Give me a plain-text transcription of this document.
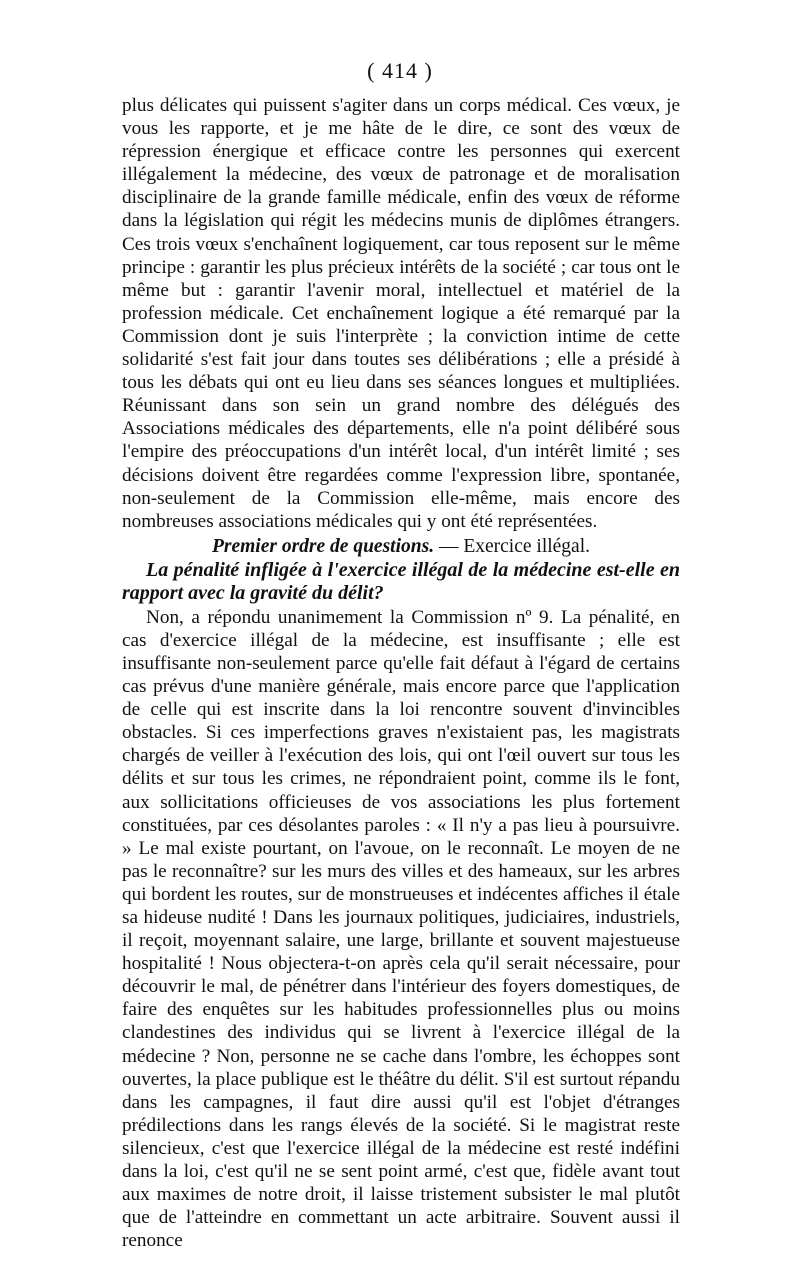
( 414 )

plus délicates qui puissent s'agiter dans un corps médical. Ces vœux, je vous les rapporte, et je me hâte de le dire, ce sont des vœux de répression énergique et efficace contre les personnes qui exercent illégalement la médecine, des vœux de patronage et de moralisation disciplinaire de la grande famille médicale, enfin des vœux de réforme dans la législation qui régit les médecins munis de diplômes étrangers. Ces trois vœux s'enchaînent logiquement, car tous reposent sur le même principe : garantir les plus précieux intérêts de la société ; car tous ont le même but : garantir l'avenir moral, intellectuel et matériel de la profession médicale. Cet enchaînement logique a été remarqué par la Commission dont je suis l'interprète ; la conviction intime de cette solidarité s'est fait jour dans toutes ses délibérations ; elle a présidé à tous les débats qui ont eu lieu dans ses séances longues et multipliées. Réunissant dans son sein un grand nombre des délégués des Associations médicales des départements, elle n'a point délibéré sous l'empire des préoccupations d'un intérêt local, d'un intérêt limité ; ses décisions doivent être regardées comme l'expression libre, spontanée, non-seulement de la Commission elle-même, mais encore des nombreuses associations médicales qui y ont été représentées.

Premier ordre de questions. — Exercice illégal.

La pénalité infligée à l'exercice illégal de la médecine est-elle en rapport avec la gravité du délit?

Non, a répondu unanimement la Commission nº 9. La pénalité, en cas d'exercice illégal de la médecine, est insuffisante ; elle est insuffisante non-seulement parce qu'elle fait défaut à l'égard de certains cas prévus d'une manière générale, mais encore parce que l'application de celle qui est inscrite dans la loi rencontre souvent d'invincibles obstacles. Si ces imperfections graves n'existaient pas, les magistrats chargés de veiller à l'exécution des lois, qui ont l'œil ouvert sur tous les délits et sur tous les crimes, ne répondraient point, comme ils le font, aux sollicitations officieuses de vos associations les plus fortement constituées, par ces désolantes paroles : « Il n'y a pas lieu à poursuivre. » Le mal existe pourtant, on l'avoue, on le reconnaît. Le moyen de ne pas le reconnaître? sur les murs des villes et des hameaux, sur les arbres qui bordent les routes, sur de monstrueuses et indécentes affiches il étale sa hideuse nudité ! Dans les journaux politiques, judiciaires, industriels, il reçoit, moyennant salaire, une large, brillante et souvent majestueuse hospitalité ! Nous objectera-t-on après cela qu'il serait nécessaire, pour découvrir le mal, de pénétrer dans l'intérieur des foyers domestiques, de faire des enquêtes sur les habitudes professionnelles plus ou moins clandestines des individus qui se livrent à l'exercice illégal de la médecine ? Non, personne ne se cache dans l'ombre, les échoppes sont ouvertes, la place publique est le théâtre du délit. S'il est surtout répandu dans les campagnes, il faut dire aussi qu'il est l'objet d'étranges prédilections dans les rangs élevés de la société. Si le magistrat reste silencieux, c'est que l'exercice illégal de la médecine est resté indéfini dans la loi, c'est qu'il ne se sent point armé, c'est que, fidèle avant tout aux maximes de notre droit, il laisse tristement subsister le mal plutôt que de l'atteindre en commettant un acte arbitraire. Souvent aussi il renonce
